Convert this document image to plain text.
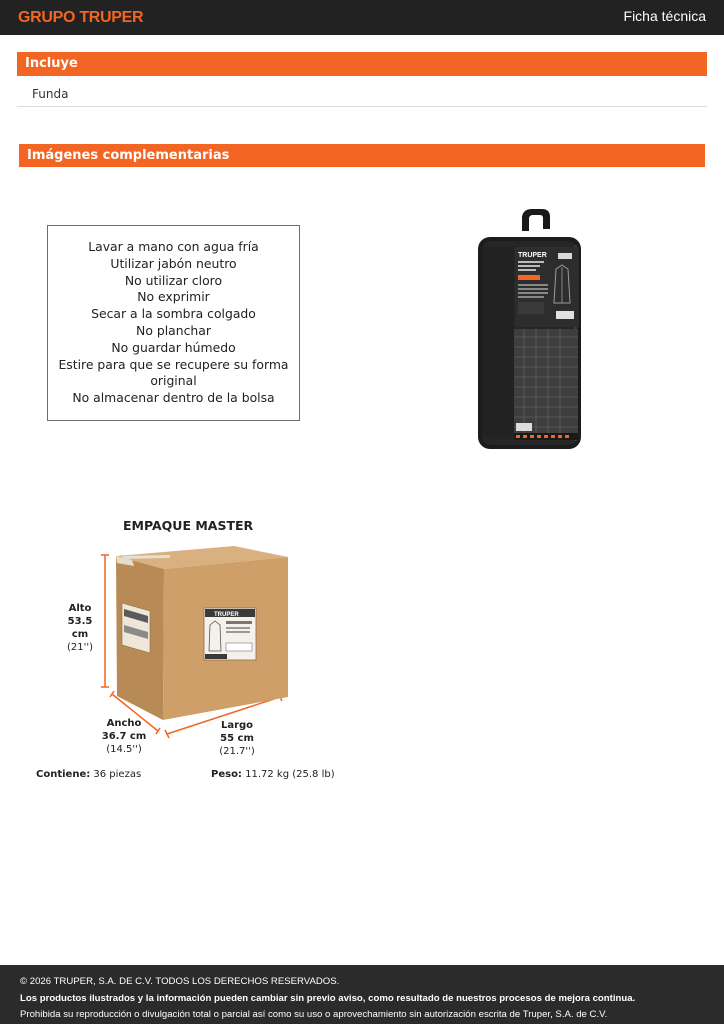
GRUPO TRUPER	Ficha técnica
Incluye
Funda
Imágenes complementarias
Lavar a mano con agua fría
Utilizar jabón neutro
No utilizar cloro
No exprimir
Secar a la sombra colgado
No planchar
No guardar húmedo
Estire para que se recupere su forma
original
No almacenar dentro de la bolsa
TRUPER
EMPAQUE MASTER
TRUPER
Alto
53.5 cm
(21'')
Ancho
36.7 cm
(14.5'')
Largo
55 cm
(21.7'')
Contiene: 36 piezas	Peso: 11.72 kg (25.8 lb)

© 2026 TRUPER, S.A. DE C.V. TODOS LOS DERECHOS RESERVADOS.

Los productos ilustrados y la información pueden cambiar sin previo aviso, como resultado de nuestros procesos de mejora continua.

Prohibida su reproducción o divulgación total o parcial así como su uso o aprovechamiento sin autorización escrita de Truper, S.A. de C.V.
